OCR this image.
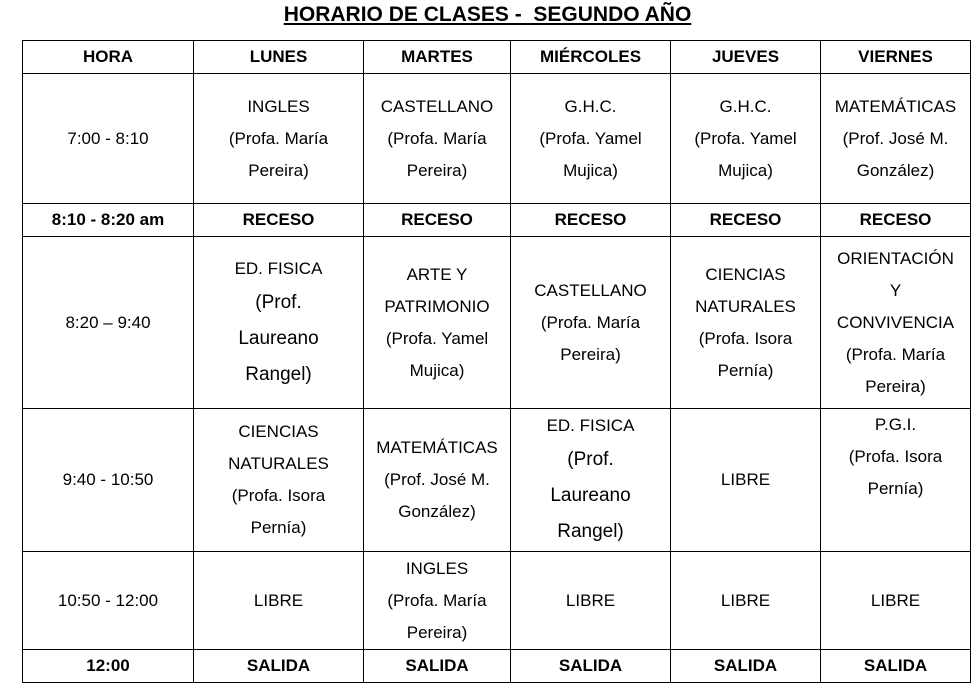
HORARIO DE CLASES -  SEGUNDO AÑO
HORA	LUNES	MARTES	MIÉRCOLES	JUEVES	VIERNES

7:00 - 8:10	INGLES
(Profa. María
Pereira)	CASTELLANO
(Profa. María
Pereira)	G.H.C.
(Profa. Yamel
Mujica)	G.H.C.
(Profa. Yamel
Mujica)	MATEMÁTICAS
(Prof. José M.
González)

8:10 - 8:20 am	RECESO	RECESO	RECESO	RECESO	RECESO

8:20 – 9:40	ED. FISICA
(Prof.
Laureano
Rangel)	ARTE Y
PATRIMONIO
(Profa. Yamel
Mujica)	CASTELLANO
(Profa. María
Pereira)	CIENCIAS
NATURALES
(Profa. Isora
Pernía)	ORIENTACIÓN
Y
CONVIVENCIA
(Profa. María
Pereira)

9:40 - 10:50	CIENCIAS
NATURALES
(Profa. Isora
Pernía)	MATEMÁTICAS
(Prof. José M.
González)	ED. FISICA
(Prof.
Laureano
Rangel)	LIBRE	P.G.I.
(Profa. Isora
Pernía)

10:50 - 12:00	LIBRE	INGLES
(Profa. María
Pereira)	LIBRE	LIBRE	LIBRE

12:00	SALIDA	SALIDA	SALIDA	SALIDA	SALIDA
